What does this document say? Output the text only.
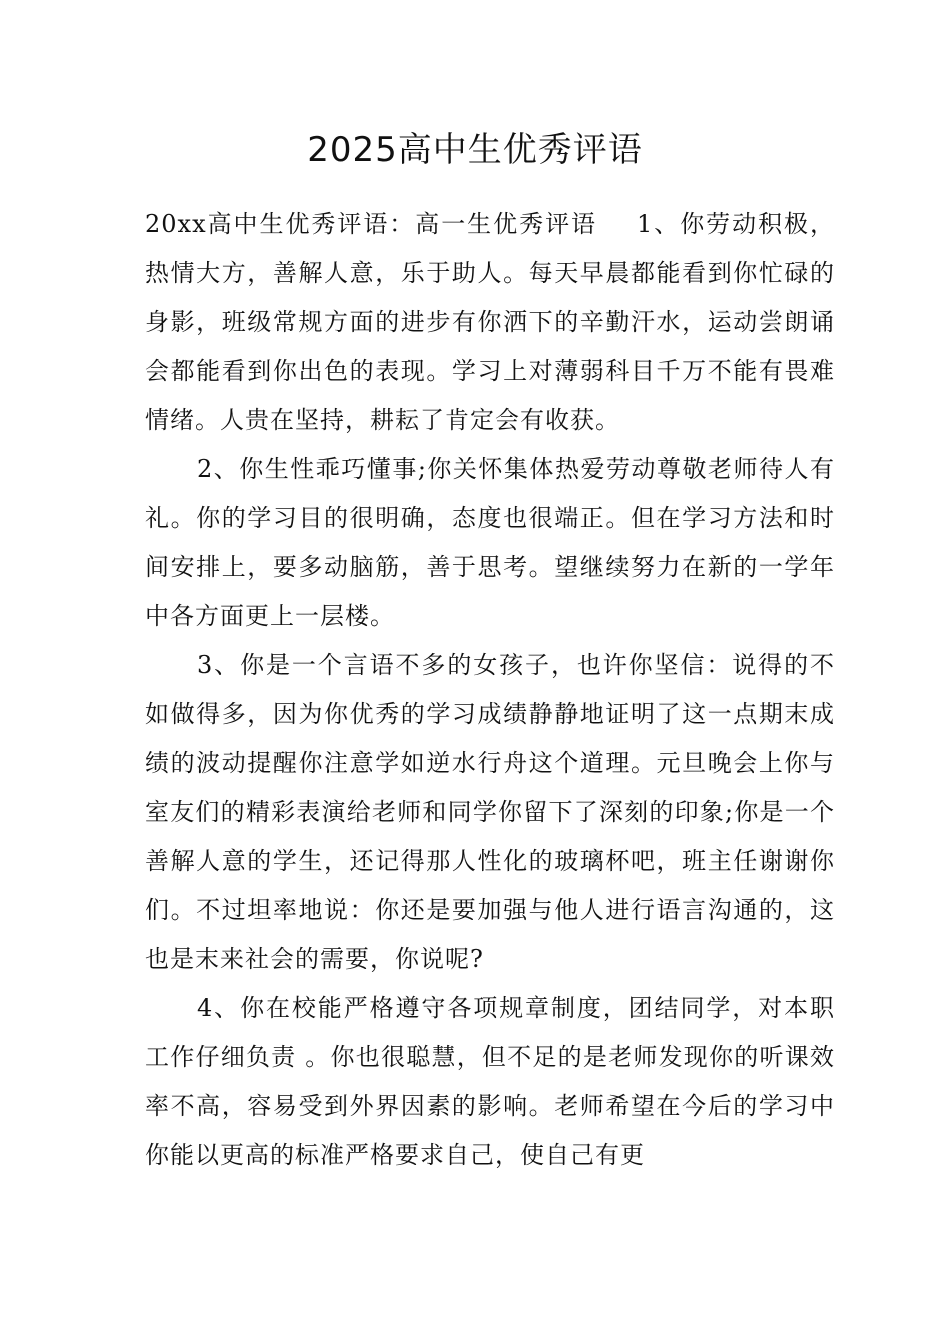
2025高中生优秀评语

20xx高中生优秀评语：高一生优秀评语 1、你劳动积极，热情大方，善解人意，乐于助人。每天早晨都能看到你忙碌的身影，班级常规方面的进步有你洒下的辛勤汗水，运动尝朗诵会都能看到你出色的表现。学习上对薄弱科目千万不能有畏难情绪。人贵在坚持，耕耘了肯定会有收获。

2、你生性乖巧懂事;你关怀集体热爱劳动尊敬老师待人有礼。你的学习目的很明确，态度也很端正。但在学习方法和时间安排上，要多动脑筋，善于思考。望继续努力在新的一学年中各方面更上一层楼。

3、你是一个言语不多的女孩子，也许你坚信：说得的不如做得多，因为你优秀的学习成绩静静地证明了这一点期末成绩的波动提醒你注意学如逆水行舟这个道理。元旦晚会上你与室友们的精彩表演给老师和同学你留下了深刻的印象;你是一个善解人意的学生，还记得那人性化的玻璃杯吧，班主任谢谢你们。不过坦率地说：你还是要加强与他人进行语言沟通的，这也是末来社会的需要，你说呢?

4、你在校能严格遵守各项规章制度，团结同学，对本职工作仔细负责 。你也很聪慧，但不足的是老师发现你的听课效率不高，容易受到外界因素的影响。老师希望在今后的学习中你能以更高的标准严格要求自己，使自己有更
